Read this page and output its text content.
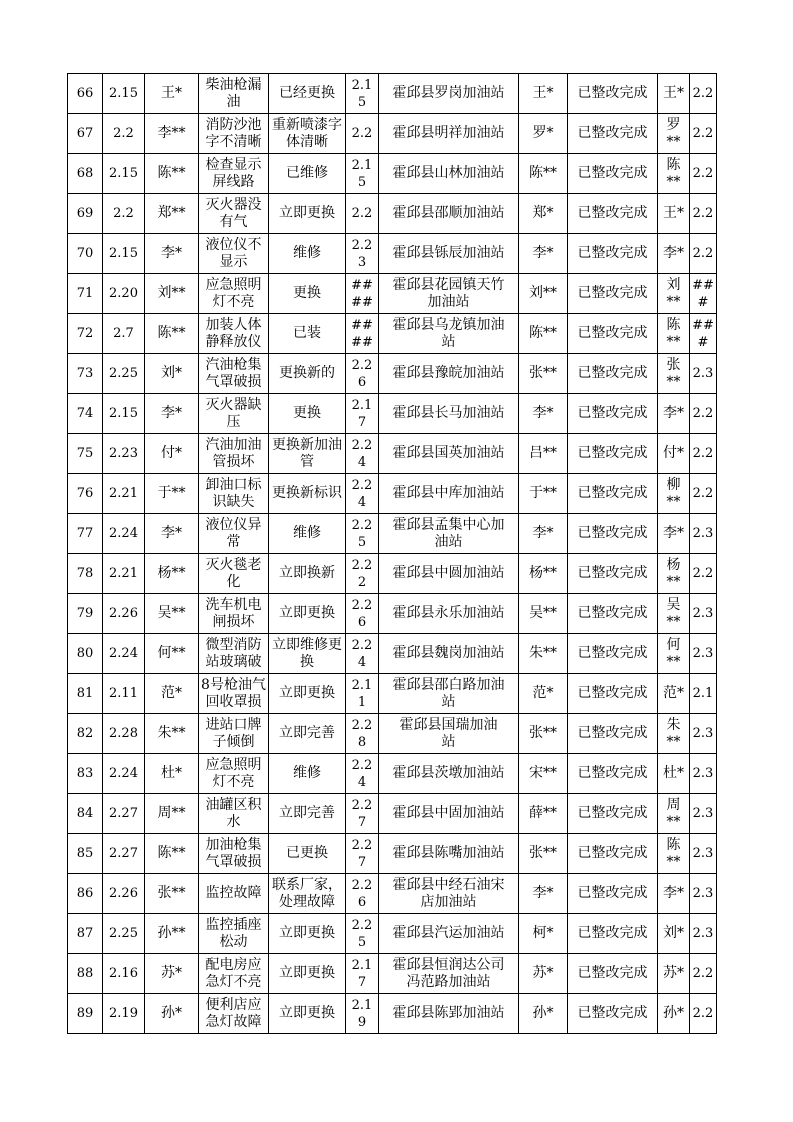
66	2.15	王*	柴油枪漏
油	已经更换	2.15	霍邱县罗岗加油站	王*	已整改完成	王*	2.2
67	2.2	李**	消防沙池
字不清晰	重新喷漆字
体清晰	2.2	霍邱县明祥加油站	罗*	已整改完成	罗
**	2.2
68	2.15	陈**	检查显示
屏线路	已维修	2.15	霍邱县山林加油站	陈**	已整改完成	陈
**	2.2
69	2.2	郑**	灭火器没
有气	立即更换	2.2	霍邱县邵顺加油站	郑*	已整改完成	王*	2.2
70	2.15	李*	液位仪不
显示	维修	2.23	霍邱县铄辰加油站	李*	已整改完成	李*	2.2
71	2.20	刘**	应急照明
灯不亮	更换	####	霍邱县花园镇天竹
加油站	刘**	已整改完成	刘
**	###
72	2.7	陈**	加装人体
静释放仪	已装	####	霍邱县乌龙镇加油
站	陈**	已整改完成	陈
**	###
73	2.25	刘*	汽油枪集
气罩破损	更换新的	2.26	霍邱县豫皖加油站	张**	已整改完成	张
**	2.3
74	2.15	李*	灭火器缺
压	更换	2.17	霍邱县长马加油站	李*	已整改完成	李*	2.2
75	2.23	付*	汽油加油
管损坏	更换新加油
管	2.24	霍邱县国英加油站	吕**	已整改完成	付*	2.2
76	2.21	于**	卸油口标
识缺失	更换新标识	2.24	霍邱县中库加油站	于**	已整改完成	柳
**	2.2
77	2.24	李*	液位仪异
常	维修	2.25	霍邱县孟集中心加
油站	李*	已整改完成	李*	2.3
78	2.21	杨**	灭火毯老
化	立即换新	2.22	霍邱县中圆加油站	杨**	已整改完成	杨
**	2.2
79	2.26	吴**	洗车机电
闸损坏	立即更换	2.26	霍邱县永乐加油站	吴**	已整改完成	吴
**	2.3
80	2.24	何**	微型消防
站玻璃破	立即维修更
换	2.24	霍邱县魏岗加油站	朱**	已整改完成	何
**	2.3
81	2.11	范*	8号枪油气
回收罩损	立即更换	2.11	霍邱县邵白路加油
站	范*	已整改完成	范*	2.1
82	2.28	朱**	进站口牌
子倾倒	立即完善	2.28	霍邱县国瑞加油
站	张**	已整改完成	朱
**	2.3
83	2.24	杜*	应急照明
灯不亮	维修	2.24	霍邱县茨墩加油站	宋**	已整改完成	杜*	2.3
84	2.27	周**	油罐区积
水	立即完善	2.27	霍邱县中固加油站	薛**	已整改完成	周
**	2.3
85	2.27	陈**	加油枪集
气罩破损	已更换	2.27	霍邱县陈嘴加油站	张**	已整改完成	陈
**	2.3
86	2.26	张**	监控故障	联系厂家，
处理故障	2.26	霍邱县中经石油宋
店加油站	李*	已整改完成	李*	2.3
87	2.25	孙**	监控插座
松动	立即更换	2.25	霍邱县汽运加油站	柯*	已整改完成	刘*	2.3
88	2.16	苏*	配电房应
急灯不亮	立即更换	2.17	霍邱县恒润达公司
冯范路加油站	苏*	已整改完成	苏*	2.2
89	2.19	孙*	便利店应
急灯故障	立即更换	2.19	霍邱县陈郢加油站	孙*	已整改完成	孙*	2.2
